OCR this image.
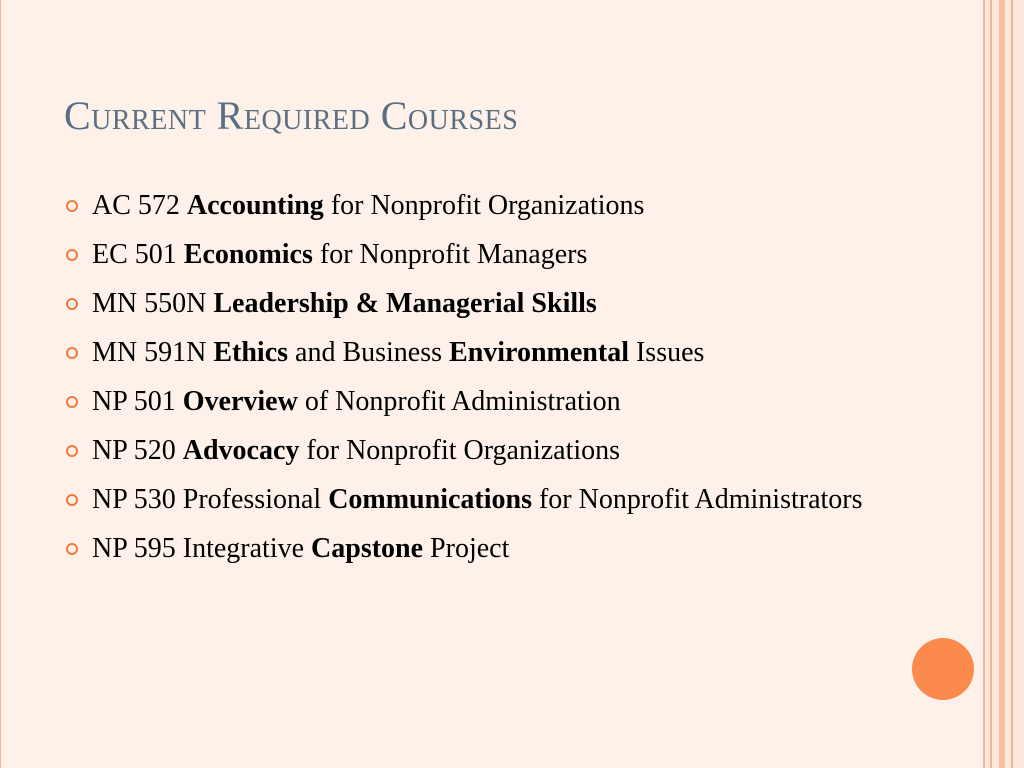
Current Required Courses
AC 572 Accounting for Nonprofit Organizations
EC 501 Economics for Nonprofit Managers
MN 550N Leadership & Managerial Skills
MN 591N Ethics and Business Environmental Issues
NP 501 Overview of Nonprofit Administration
NP 520 Advocacy for Nonprofit Organizations
NP 530 Professional Communications for Nonprofit Administrators
NP 595 Integrative Capstone Project
